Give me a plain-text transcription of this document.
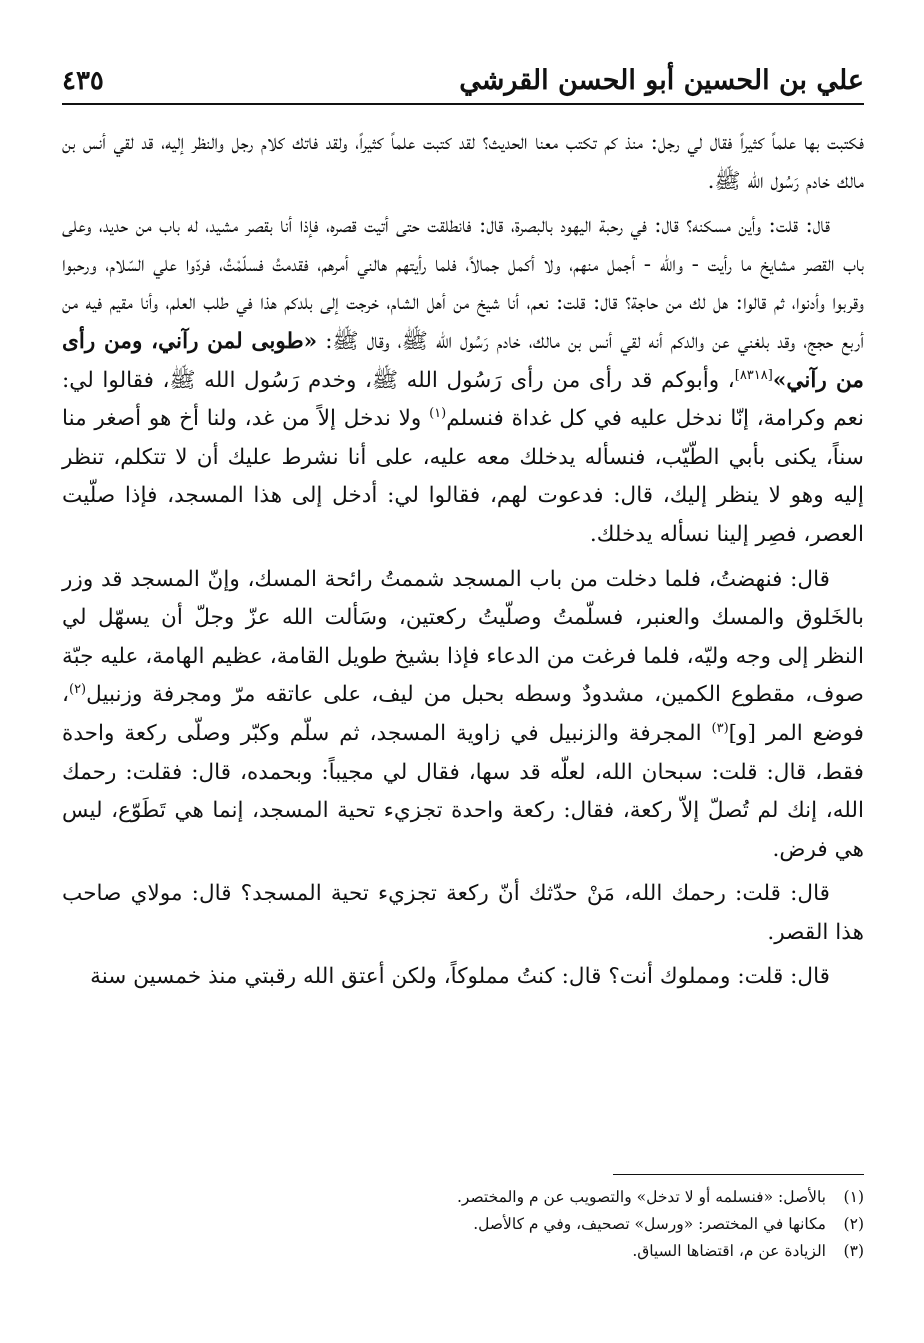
٤٣٥	علي بن الحسين أبو الحسن القرشي

فكتبت بها علماً كثيراً فقال لي رجل: منذ كم تكتب معنا الحديث؟ لقد كتبت علماً كثيراً، ولقد فاتك كلام رجل والنظر إليه، قد لقي أنس بن مالك خادم رَسُول الله ﷺ.

قال: قلت: وأين مسكنه؟ قال: في رحبة اليهود بالبصرة، قال: فانطلقت حتى أتيت قصره، فإذا أنا بقصر مشيد، له باب من حديد، وعلى باب القصر مشايخ ما رأيت - والله - أجمل منهم، ولا أكمل جمالاً، فلما رأيتهم هالني أمرهم، فقدمتُ فسلّمْتُ، فردّوا علي السّلام، ورحبوا وقربوا وأدنوا، ثم قالوا: هل لك من حاجة؟ قال: قلت: نعم، أنا شيخ من أهل الشام، خرجت إلى بلدكم هذا في طلب العلم، وأنا مقيم فيه من أربع حجج، وقد بلغني عن والدكم أنه لقي أنس بن مالك، خادم رَسُول الله ﷺ، وقال ﷺ: «طوبى لمن رآني، ومن رأى من رآني»[٨٣١٨]، وأبوكم قد رأى من رأى رَسُول الله ﷺ، وخدم رَسُول الله ﷺ، فقالوا لي: نعم وكرامة، إنّا ندخل عليه في كل غداة فنسلم$^{(١)}$ ولا ندخل إلاً من غد، ولنا أخ هو أصغر منا سناً، يكنى بأبي الطّيّب، فنسأله يدخلك معه عليه، على أنا نشرط عليك أن لا تتكلم، تنظر إليه وهو لا ينظر إليك، قال: فدعوت لهم، فقالوا لي: أدخل إلى هذا المسجد، فإذا صلّيت العصر، فصِر إلينا نسأله يدخلك.

قال: فنهضتُ، فلما دخلت من باب المسجد شممتُ رائحة المسك، وإنّ المسجد قد وزر بالخَلوق والمسك والعنبر، فسلّمتُ وصلّيتُ ركعتين، وسَألت الله عزّ وجلّ أن يسهّل لي النظر إلى وجه وليّه، فلما فرغت من الدعاء فإذا بشيخ طويل القامة، عظيم الهامة، عليه جبّة صوف، مقطوع الكمين، مشدودٌ وسطه بحبل من ليف، على عاتقه مرّ ومجرفة وزنبيل$^{(٢)}$، فوضع المر [و]$^{(٣)}$ المجرفة والزنبيل في زاوية المسجد، ثم سلّم وكبّر وصلّى ركعة واحدة فقط، قال: قلت: سبحان الله، لعلّه قد سها، فقال لي مجيباً: وبحمده، قال: فقلت: رحمك الله، إنك لم تُصلّ إلاّ ركعة، فقال: ركعة واحدة تجزيء تحية المسجد، إنما هي تَطَوّع، ليس هي فرض.

قال: قلت: رحمك الله، مَنْ حدّثك أنّ ركعة تجزيء تحية المسجد؟ قال: مولاي صاحب هذا القصر.

قال: قلت: ومملوك أنت؟ قال: كنتُ مملوكاً، ولكن أعتق الله رقبتي منذ خمسين سنة

(١)
بالأصل: «فنسلمه أو لا تدخل» والتصويب عن م والمختصر.
(٢)
مكانها في المختصر: «ورسل» تصحيف، وفي م كالأصل.
(٣)
الزيادة عن م، اقتضاها السياق.
